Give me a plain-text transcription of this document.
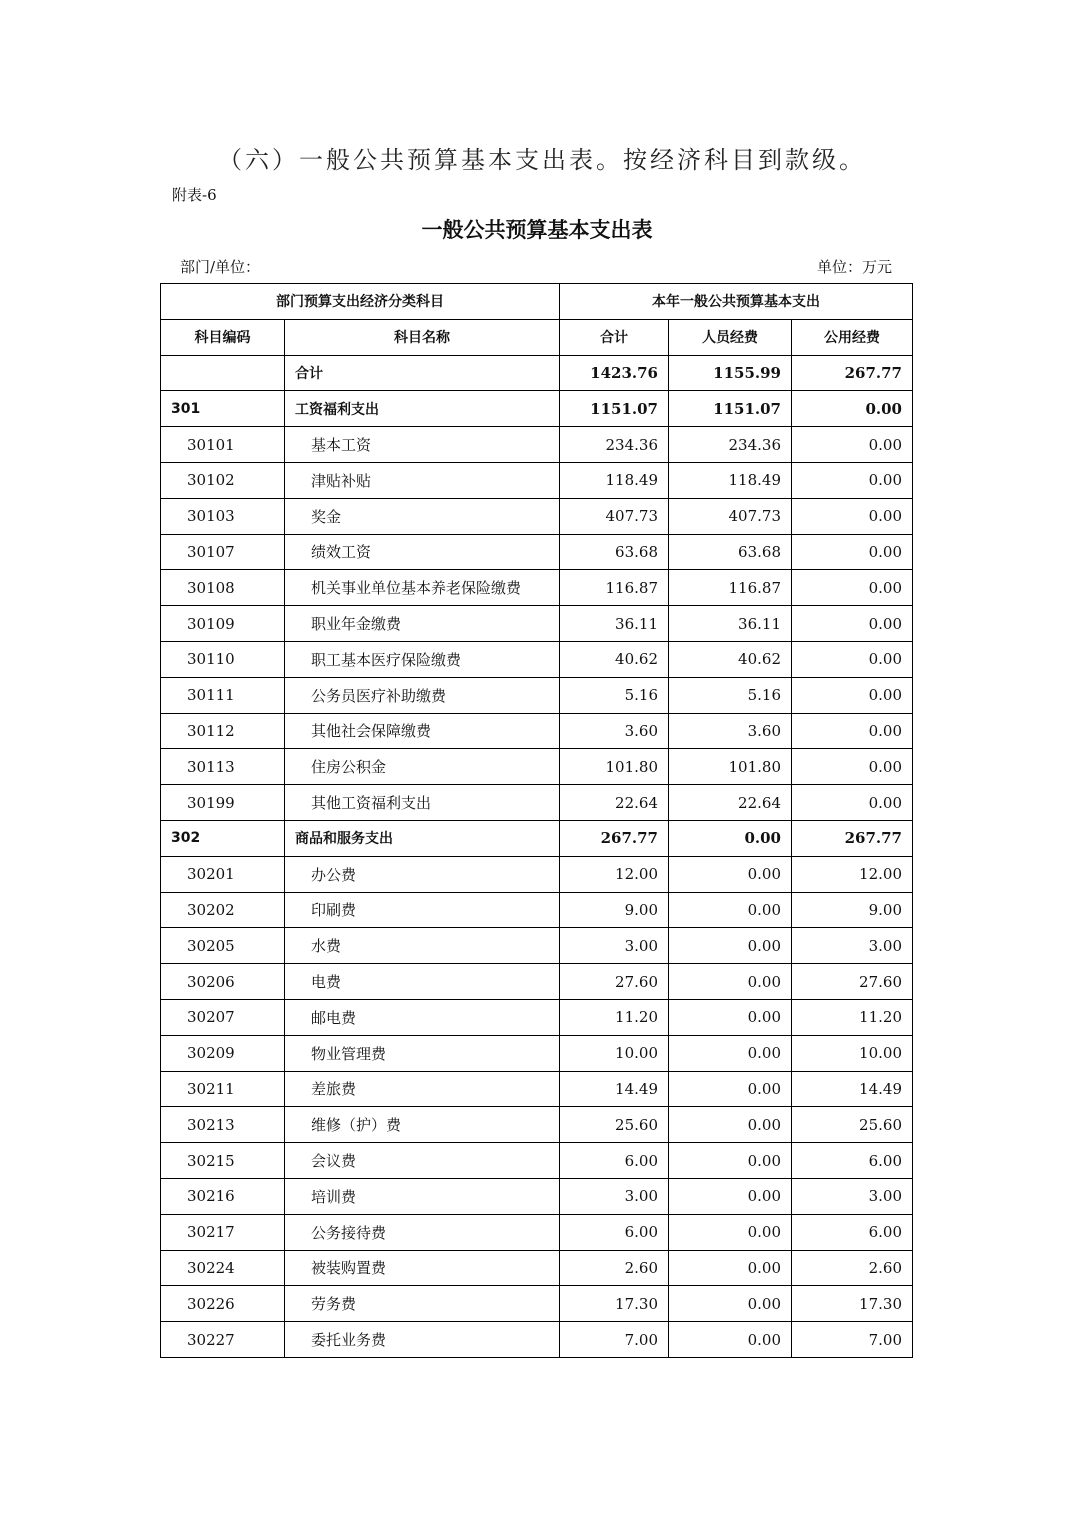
（六）一般公共预算基本支出表。按经济科目到款级。
附表-6
一般公共预算基本支出表
部门/单位：	单位：万元
部门预算支出经济分类科目		本年一般公共预算基本支出		
科目编码	科目名称	合计	人员经费	公用经费
	合计	1423.76	1155.99	267.77
301	工资福利支出	1151.07	1151.07	0.00
30101	基本工资	234.36	234.36	0.00
30102	津贴补贴	118.49	118.49	0.00
30103	奖金	407.73	407.73	0.00
30107	绩效工资	63.68	63.68	0.00
30108	机关事业单位基本养老保险缴费	116.87	116.87	0.00
30109	职业年金缴费	36.11	36.11	0.00
30110	职工基本医疗保险缴费	40.62	40.62	0.00
30111	公务员医疗补助缴费	5.16	5.16	0.00
30112	其他社会保障缴费	3.60	3.60	0.00
30113	住房公积金	101.80	101.80	0.00
30199	其他工资福利支出	22.64	22.64	0.00
302	商品和服务支出	267.77	0.00	267.77
30201	办公费	12.00	0.00	12.00
30202	印刷费	9.00	0.00	9.00
30205	水费	3.00	0.00	3.00
30206	电费	27.60	0.00	27.60
30207	邮电费	11.20	0.00	11.20
30209	物业管理费	10.00	0.00	10.00
30211	差旅费	14.49	0.00	14.49
30213	维修（护）费	25.60	0.00	25.60
30215	会议费	6.00	0.00	6.00
30216	培训费	3.00	0.00	3.00
30217	公务接待费	6.00	0.00	6.00
30224	被装购置费	2.60	0.00	2.60
30226	劳务费	17.30	0.00	17.30
30227	委托业务费	7.00	0.00	7.00
